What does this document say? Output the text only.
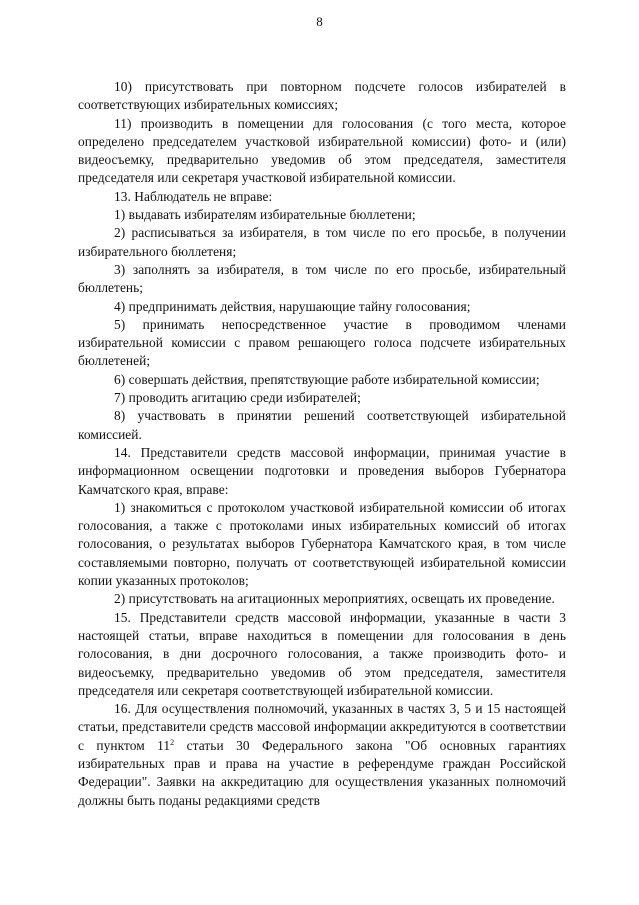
8

10) присутствовать при повторном подсчете голосов избирателей в соответствующих избирательных комиссиях;

11) производить в помещении для голосования (с того места, которое определено председателем участковой избирательной комиссии) фото- и (или) видеосъемку, предварительно уведомив об этом председателя, заместителя председателя или секретаря участковой избирательной комиссии.

13. Наблюдатель не вправе:

1) выдавать избирателям избирательные бюллетени;

2) расписываться за избирателя, в том числе по его просьбе, в получении избирательного бюллетеня;

3) заполнять за избирателя, в том числе по его просьбе, избирательный бюллетень;

4) предпринимать действия, нарушающие тайну голосования;

5) принимать непосредственное участие в проводимом членами избирательной комиссии с правом решающего голоса подсчете избирательных бюллетеней;

6) совершать действия, препятствующие работе избирательной комиссии;

7) проводить агитацию среди избирателей;

8) участвовать в принятии решений соответствующей избирательной комиссией.

14. Представители средств массовой информации, принимая участие в информационном освещении подготовки и проведения выборов Губернатора Камчатского края, вправе:

1) знакомиться с протоколом участковой избирательной комиссии об итогах голосования, а также с протоколами иных избирательных комиссий об итогах голосования, о результатах выборов Губернатора Камчатского края, в том числе составляемыми повторно, получать от соответствующей избирательной комиссии копии указанных протоколов;

2) присутствовать на агитационных мероприятиях, освещать их проведение.

15. Представители средств массовой информации, указанные в части 3 настоящей статьи, вправе находиться в помещении для голосования в день голосования, в дни досрочного голосования, а также производить фото- и видеосъемку, предварительно уведомив об этом председателя, заместителя председателя или секретаря соответствующей избирательной комиссии.

16. Для осуществления полномочий, указанных в частях 3, 5 и 15 настоящей статьи, представители средств массовой информации аккредитуются в соответствии с пунктом $11^2$ статьи 30 Федерального закона "Об основных гарантиях избирательных прав и права на участие в референдуме граждан Российской Федерации". Заявки на аккредитацию для осуществления указанных полномочий должны быть поданы редакциями средств
